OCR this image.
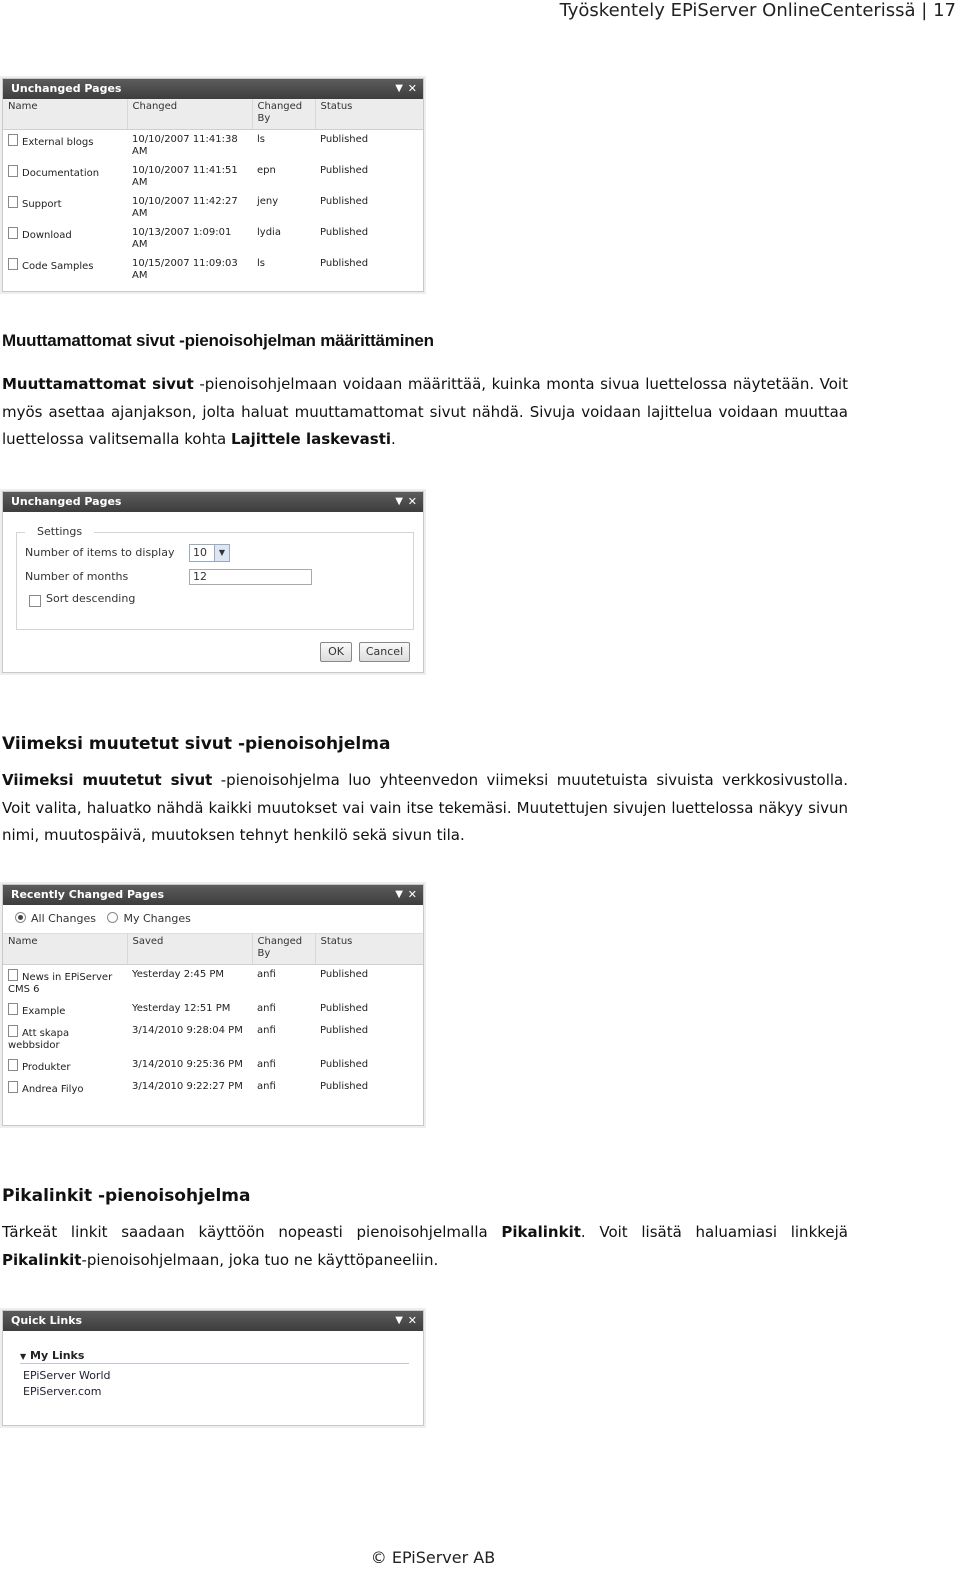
Työskentely EPiServer OnlineCenterissä | 17
Unchanged Pages	▼ ✕
Name	Changed	Changed By	Status
External blogs	10/10/2007 11:41:38 AM	ls	Published
Documentation	10/10/2007 11:41:51 AM	epn	Published
Support	10/10/2007 11:42:27 AM	jeny	Published
Download	10/13/2007 1:09:01 AM	lydia	Published
Code Samples	10/15/2007 11:09:03 AM	ls	Published
Muuttamattomat sivut -pienoisohjelman määrittäminen
Muuttamattomat sivut -pienoisohjelmaan voidaan määrittää, kuinka monta sivua luettelossa näytetään. Voit myös asettaa ajanjakson, jolta haluat muuttamattomat sivut nähdä. Sivuja voidaan lajittelua voidaan muuttaa luettelossa valitsemalla kohta Lajittele laskevasti.
Unchanged Pages	▼ ✕
Settings
Number of items to display	10	▼
Number of months	12
Sort descending
OK	Cancel
Viimeksi muutetut sivut -pienoisohjelma
Viimeksi muutetut sivut -pienoisohjelma luo yhteenvedon viimeksi muutetuista sivuista verkkosivustolla. Voit valita, haluatko nähdä kaikki muutokset vai vain itse tekemäsi. Muutettujen sivujen luettelossa näkyy sivun nimi, muutospäivä, muutoksen tehnyt henkilö sekä sivun tila.
Recently Changed Pages	▼ ✕
All Changes	My Changes
Name	Saved	Changed By	Status
News in EPiServer CMS 6	Yesterday 2:45 PM	anfi	Published
Example	Yesterday 12:51 PM	anfi	Published
Att skapa webbsidor	3/14/2010 9:28:04 PM	anfi	Published
Produkter	3/14/2010 9:25:36 PM	anfi	Published
Andrea Filyo	3/14/2010 9:22:27 PM	anfi	Published
Pikalinkit -pienoisohjelma
Tärkeät linkit saadaan käyttöön nopeasti pienoisohjelmalla Pikalinkit. Voit lisätä haluamiasi linkkejä Pikalinkit-pienoisohjelmaan, joka tuo ne käyttöpaneeliin.
Quick Links	▼ ✕
▼ My Links
EPiServer World
EPiServer.com
© EPiServer AB
